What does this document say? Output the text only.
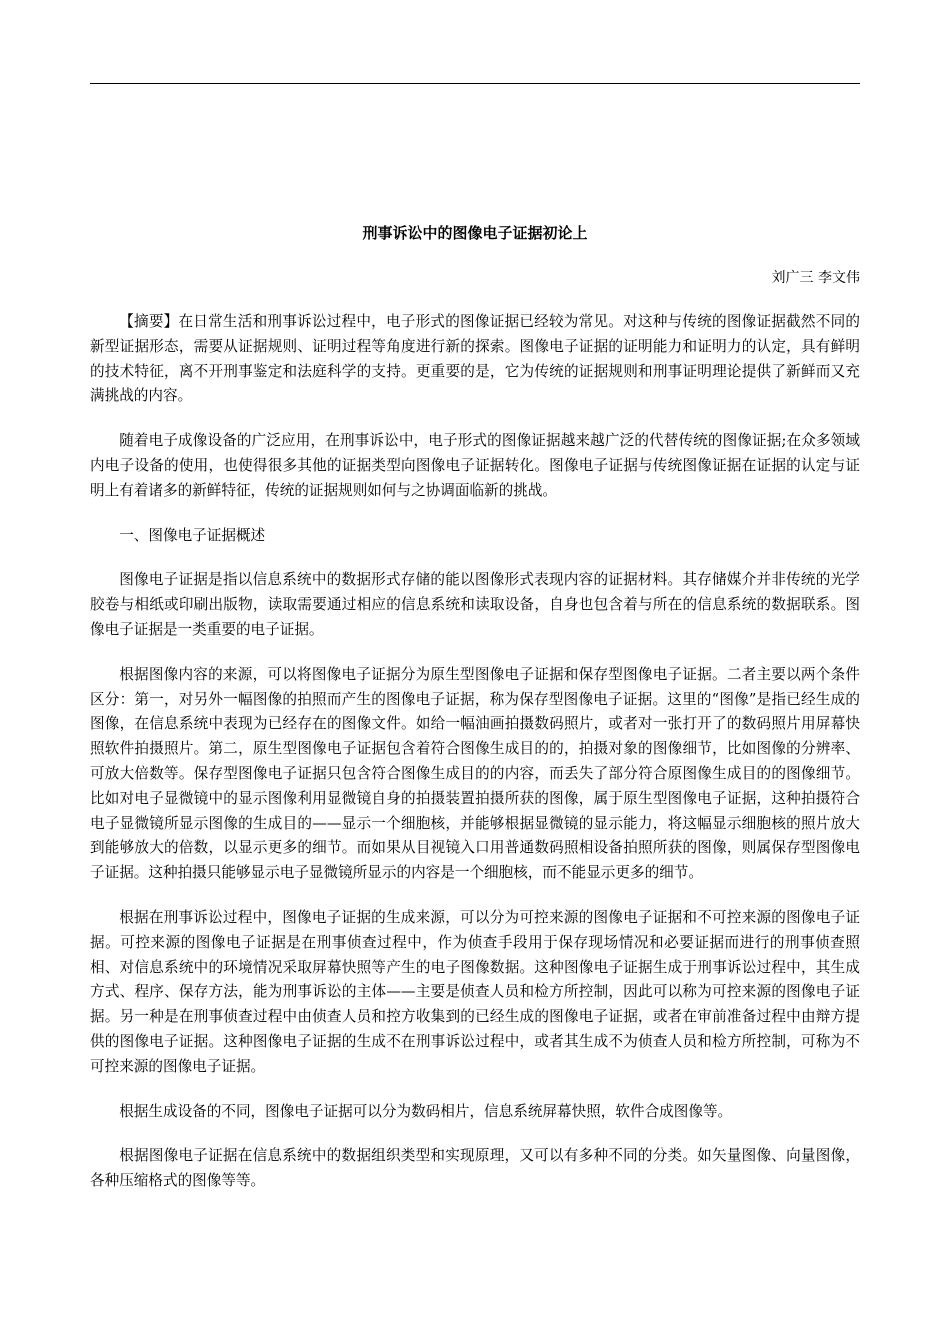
刑事诉讼中的图像电子证据初论上
刘广三 李文伟

【摘要】在日常生活和刑事诉讼过程中，电子形式的图像证据已经较为常见。对这种与传统的图像证据截然不同的新型证据形态，需要从证据规则、证明过程等角度进行新的探索。图像电子证据的证明能力和证明力的认定，具有鲜明的技术特征，离不开刑事鉴定和法庭科学的支持。更重要的是，它为传统的证据规则和刑事证明理论提供了新鲜而又充满挑战的内容。

随着电子成像设备的广泛应用，在刑事诉讼中，电子形式的图像证据越来越广泛的代替传统的图像证据;在众多领域内电子设备的使用，也使得很多其他的证据类型向图像电子证据转化。图像电子证据与传统图像证据在证据的认定与证明上有着诸多的新鲜特征，传统的证据规则如何与之协调面临新的挑战。

一、图像电子证据概述

图像电子证据是指以信息系统中的数据形式存储的能以图像形式表现内容的证据材料。其存储媒介并非传统的光学胶卷与相纸或印刷出版物，读取需要通过相应的信息系统和读取设备，自身也包含着与所在的信息系统的数据联系。图像电子证据是一类重要的电子证据。

根据图像内容的来源，可以将图像电子证据分为原生型图像电子证据和保存型图像电子证据。二者主要以两个条件区分：第一，对另外一幅图像的拍照而产生的图像电子证据，称为保存型图像电子证据。这里的“图像”是指已经生成的图像，在信息系统中表现为已经存在的图像文件。如给一幅油画拍摄数码照片，或者对一张打开了的数码照片用屏幕快照软件拍摄照片。第二，原生型图像电子证据包含着符合图像生成目的的，拍摄对象的图像细节，比如图像的分辨率、可放大倍数等。保存型图像电子证据只包含符合图像生成目的的内容，而丢失了部分符合原图像生成目的的图像细节。比如对电子显微镜中的显示图像利用显微镜自身的拍摄装置拍摄所获的图像，属于原生型图像电子证据，这种拍摄符合电子显微镜所显示图像的生成目的——显示一个细胞核，并能够根据显微镜的显示能力，将这幅显示细胞核的照片放大到能够放大的倍数，以显示更多的细节。而如果从目视镜入口用普通数码照相设备拍照所获的图像，则属保存型图像电子证据。这种拍摄只能够显示电子显微镜所显示的内容是一个细胞核，而不能显示更多的细节。

根据在刑事诉讼过程中，图像电子证据的生成来源，可以分为可控来源的图像电子证据和不可控来源的图像电子证据。可控来源的图像电子证据是在刑事侦查过程中，作为侦查手段用于保存现场情况和必要证据而进行的刑事侦查照相、对信息系统中的环境情况采取屏幕快照等产生的电子图像数据。这种图像电子证据生成于刑事诉讼过程中，其生成方式、程序、保存方法，能为刑事诉讼的主体——主要是侦查人员和检方所控制，因此可以称为可控来源的图像电子证据。另一种是在刑事侦查过程中由侦查人员和控方收集到的已经生成的图像电子证据，或者在审前准备过程中由辩方提供的图像电子证据。这种图像电子证据的生成不在刑事诉讼过程中，或者其生成不为侦查人员和检方所控制，可称为不可控来源的图像电子证据。

根据生成设备的不同，图像电子证据可以分为数码相片，信息系统屏幕快照，软件合成图像等。

根据图像电子证据在信息系统中的数据组织类型和实现原理，又可以有多种不同的分类。如矢量图像、向量图像，各种压缩格式的图像等等。
